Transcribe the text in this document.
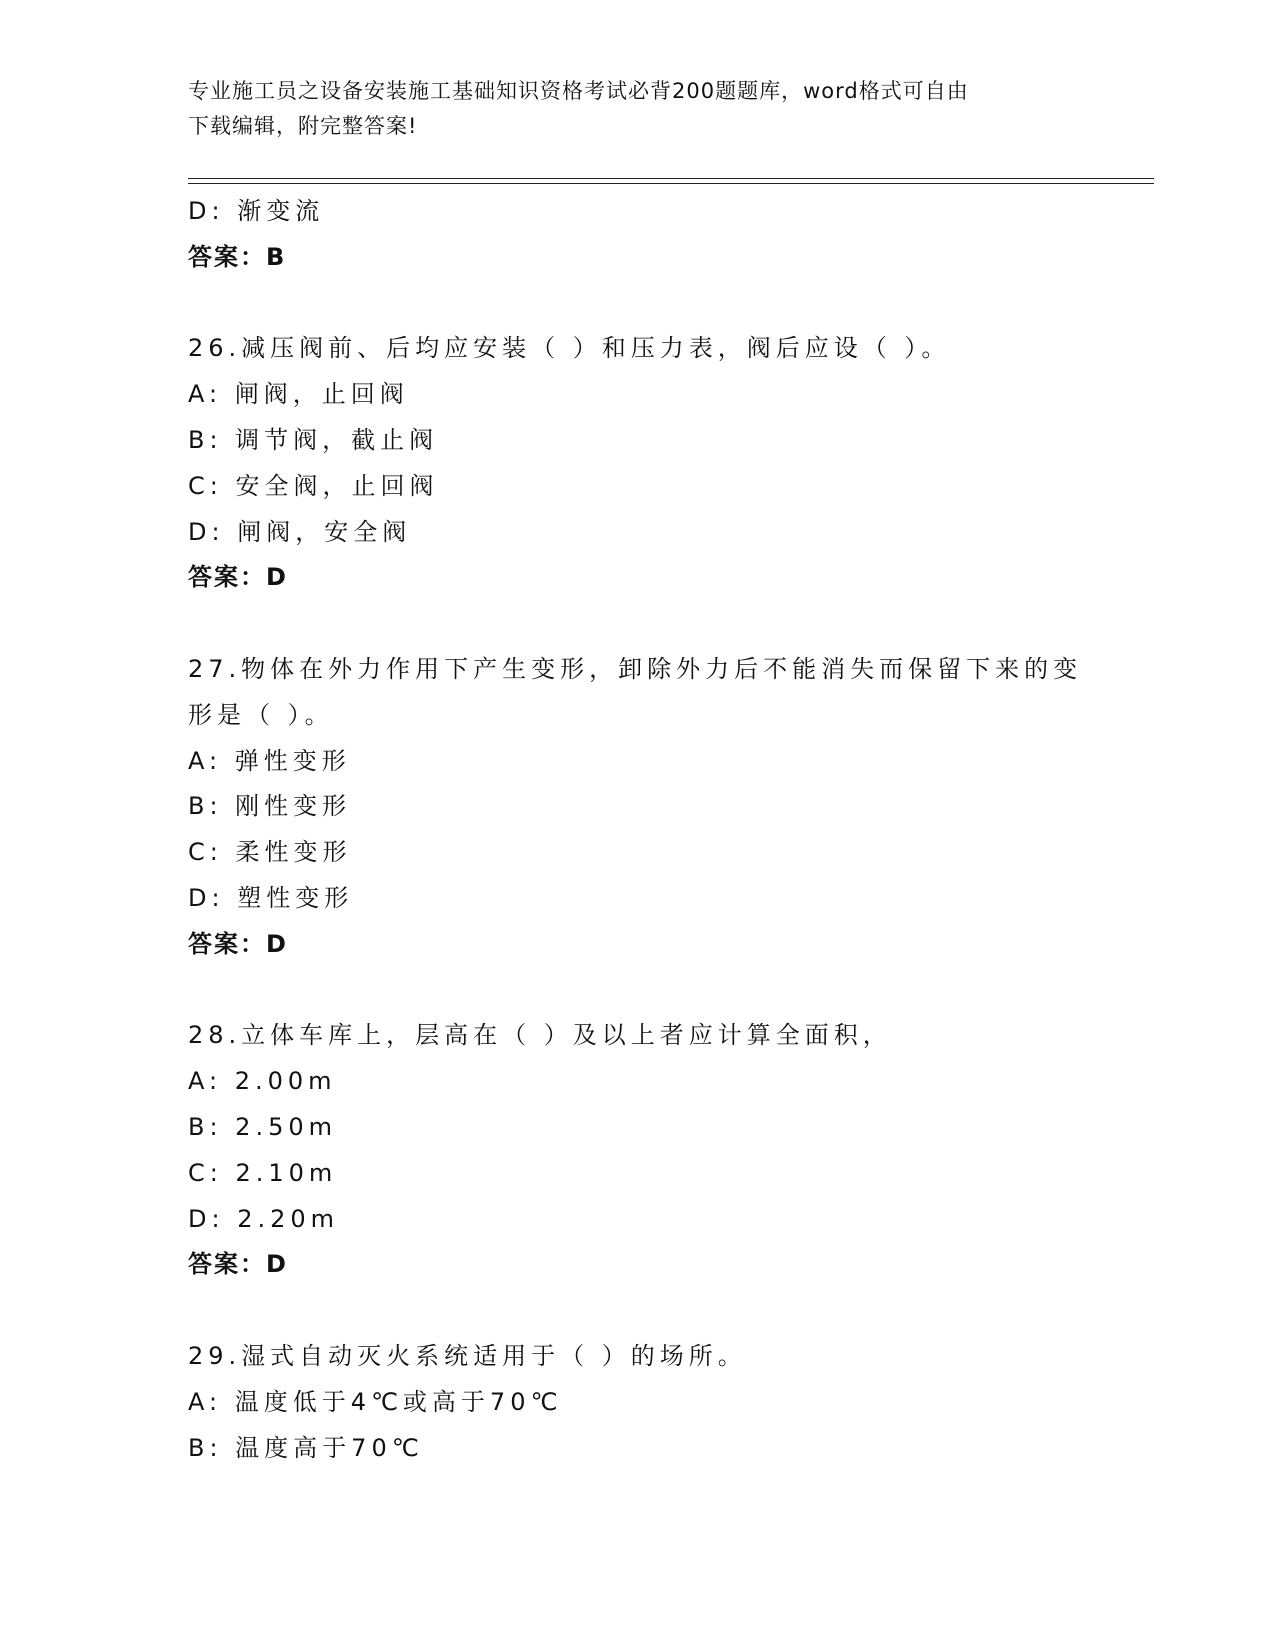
专业施工员之设备安装施工基础知识资格考试必背200题题库，word格式可自由
下载编辑，附完整答案!
D: 渐变流
答案：B
26.减压阀前、后均应安装（ ）和压力表，阀后应设（ ）。
A: 闸阀，止回阀
B: 调节阀，截止阀
C: 安全阀，止回阀
D: 闸阀，安全阀
答案：D
27.物体在外力作用下产生变形，卸除外力后不能消失而保留下来的变
形是（ ）。
A: 弹性变形
B: 刚性变形
C: 柔性变形
D: 塑性变形
答案：D
28.立体车库上，层高在（ ）及以上者应计算全面积，
A: 2.00m
B: 2.50m
C: 2.10m
D: 2.20m
答案：D
29.湿式自动灭火系统适用于（ ）的场所。
A: 温度低于4℃或高于70℃
B: 温度高于70℃
